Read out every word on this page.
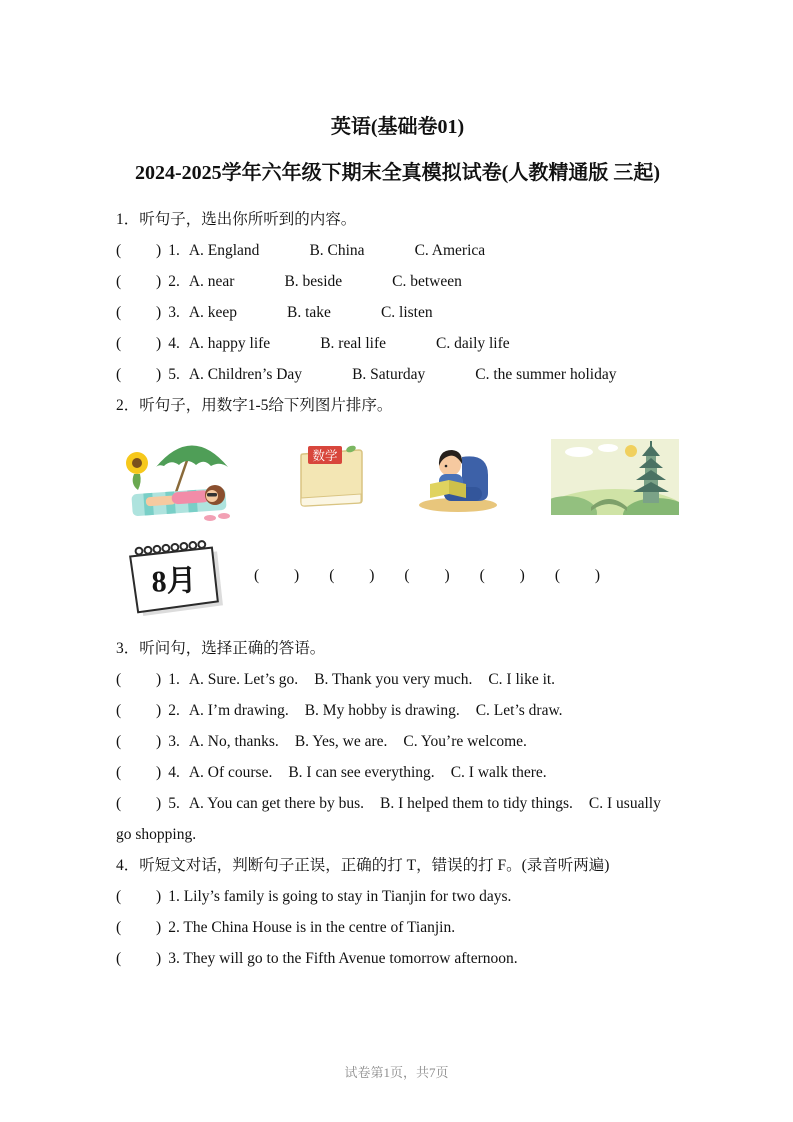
英语(基础卷01)
2024-2025学年六年级下期末全真模拟试卷(人教精通版 三起)
1．听句子，选出你所听到的内容。
(         ) 1. A. England	B. China	C. America
(         ) 2. A. near	B. beside	C. between
(         ) 3. A. keep	B. take	C. listen
(         ) 4. A. happy life	B. real life	C. daily life
(         ) 5. A. Children’s Day	B. Saturday	C. the summer holiday
2．听句子，用数字1-5给下列图片排序。
数学
8月	(         ) (         ) (         ) (         ) (         )
3．听问句，选择正确的答语。
(         ) 1. A. Sure. Let’s go. B. Thank you very much. C. I like it.
(         ) 2. A. I’m drawing. B. My hobby is drawing. C. Let’s draw.
(         ) 3. A. No, thanks. B. Yes, we are. C. You’re welcome.
(         ) 4. A. Of course. B. I can see everything. C. I walk there.
(         ) 5. A. You can get there by bus. B. I helped them to tidy things. C. I usually go shopping.
4．听短文对话，判断句子正误，正确的打 T，错误的打 F。(录音听两遍)
(         ) 1. Lily’s family is going to stay in Tianjin for two days.
(         ) 2. The China House is in the centre of Tianjin.
(         ) 3. They will go to the Fifth Avenue tomorrow afternoon.
试卷第1页，共7页
